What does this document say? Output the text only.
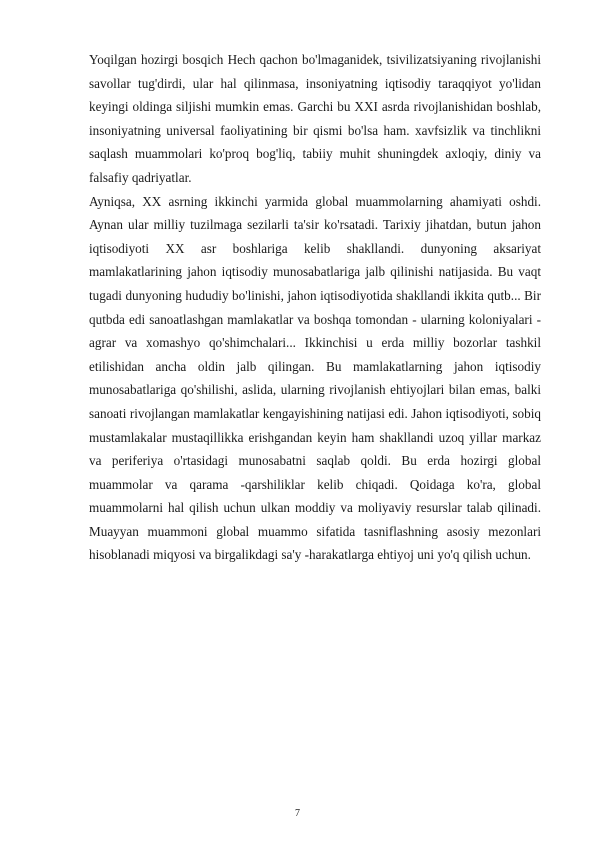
Yoqilgan hozirgi bosqich Hech qachon bo'lmaganidek, tsivilizatsiyaning rivojlanishi savollar tug'dirdi, ular hal qilinmasa, insoniyatning iqtisodiy taraqqiyot yo'lidan keyingi oldinga siljishi mumkin emas. Garchi bu XXI asrda rivojlanishidan boshlab, insoniyatning universal faoliyatining bir qismi bo'lsa ham. xavfsizlik va tinchlikni saqlash muammolari ko'proq bog'liq, tabiiy muhit shuningdek axloqiy, diniy va falsafiy qadriyatlar.

Ayniqsa, XX asrning ikkinchi yarmida global muammolarning ahamiyati oshdi. Aynan ular milliy tuzilmaga sezilarli ta'sir ko'rsatadi. Tarixiy jihatdan, butun jahon iqtisodiyoti XX asr boshlariga kelib shakllandi. dunyoning aksariyat mamlakatlarining jahon iqtisodiy munosabatlariga jalb qilinishi natijasida. Bu vaqt tugadi dunyoning hududiy bo'linishi, jahon iqtisodiyotida shakllandi ikkita qutb... Bir qutbda edi sanoatlashgan mamlakatlar va boshqa tomondan - ularning koloniyalari - agrar va xomashyo qo'shimchalari... Ikkinchisi u erda milliy bozorlar tashkil etilishidan ancha oldin jalb qilingan. Bu mamlakatlarning jahon iqtisodiy munosabatlariga qo'shilishi, aslida, ularning rivojlanish ehtiyojlari bilan emas, balki sanoati rivojlangan mamlakatlar kengayishining natijasi edi. Jahon iqtisodiyoti, sobiq mustamlakalar mustaqillikka erishgandan keyin ham shakllandi uzoq yillar markaz va periferiya o'rtasidagi munosabatni saqlab qoldi. Bu erda hozirgi global muammolar va qarama -qarshiliklar kelib chiqadi. Qoidaga ko'ra, global muammolarni hal qilish uchun ulkan moddiy va moliyaviy resurslar talab qilinadi. Muayyan muammoni global muammo sifatida tasniflashning asosiy mezonlari hisoblanadi miqyosi va birgalikdagi sa'y -harakatlarga ehtiyoj uni yo'q qilish uchun.

7
